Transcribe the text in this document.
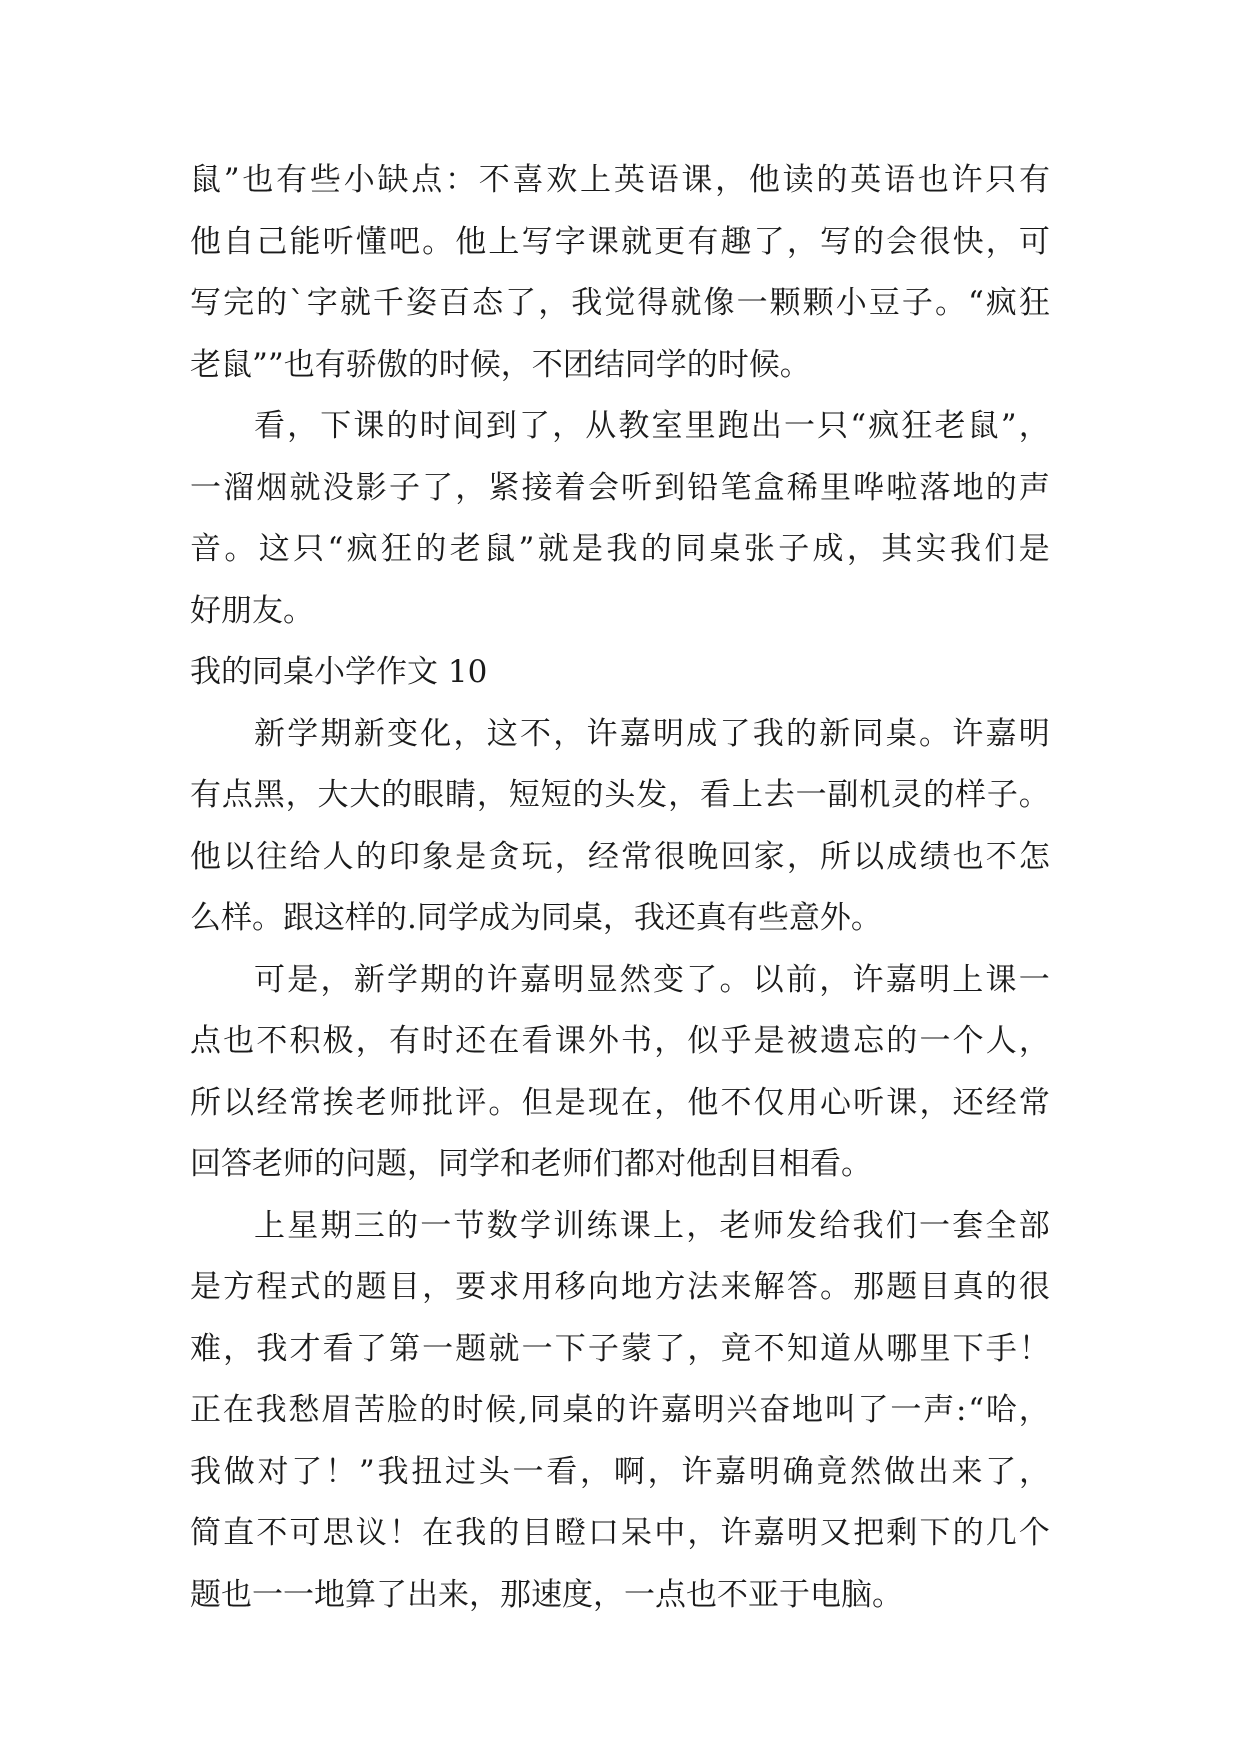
鼠 ” 也 有 些 小 缺 点 ： 不 喜 欢 上 英 语 课 ， 他 读 的 英 语 也 许 只 有
他 自 己 能 听 懂 吧 。 他 上 写 字 课 就 更 有 趣 了 ， 写 的 会 很 快 ， 可
写 完 的 ` 字 就 千 姿 百 态 了 ， 我 觉 得 就 像 一 颗 颗 小 豆 子 。 “ 疯 狂
老鼠””也有骄傲的时候，不团结同学的时候。
看 ， 下 课 的 时 间 到 了 ， 从 教 室 里 跑 出 一 只 “ 疯 狂 老 鼠 ” ，
一 溜 烟 就 没 影 子 了 ， 紧 接 着 会 听 到 铅 笔 盒 稀 里 哗 啦 落 地 的 声
音 。 这 只 “ 疯 狂 的 老 鼠 ” 就 是 我 的 同 桌 张 子 成 ， 其 实 我 们 是
好朋友。
我的同桌小学作文 10
新 学 期 新 变 化 ， 这 不 ， 许 嘉 明 成 了 我 的 新 同 桌 。 许 嘉 明
有 点 黑 ， 大 大 的 眼 睛 ， 短 短 的 头 发 ， 看 上 去 一 副 机 灵 的 样 子 。
他 以 往 给 人 的 印 象 是 贪 玩 ， 经 常 很 晚 回 家 ， 所 以 成 绩 也 不 怎
么样。跟这样的.同学成为同桌，我还真有些意外。
可 是 ， 新 学 期 的 许 嘉 明 显 然 变 了 。 以 前 ， 许 嘉 明 上 课 一
点 也 不 积 极 ， 有 时 还 在 看 课 外 书 ， 似 乎 是 被 遗 忘 的 一 个 人 ，
所 以 经 常 挨 老 师 批 评 。 但 是 现 在 ， 他 不 仅 用 心 听 课 ， 还 经 常
回答老师的问题，同学和老师们都对他刮目相看。
上 星 期 三 的 一 节 数 学 训 练 课 上 ， 老 师 发 给 我 们 一 套 全 部
是 方 程 式 的 题 目 ， 要 求 用 移 向 地 方 法 来 解 答 。 那 题 目 真 的 很
难 ， 我 才 看 了 第 一 题 就 一 下 子 蒙 了 ， 竟 不 知 道 从 哪 里 下 手 ！
正 在 我 愁 眉 苦 脸 的 时 候 , 同 桌 的 许 嘉 明 兴 奋 地 叫 了 一 声 : “ 哈 ，
我 做 对 了 ！ ” 我 扭 过 头 一 看 ， 啊 ， 许 嘉 明 确 竟 然 做 出 来 了 ，
简 直 不 可 思 议 ！ 在 我 的 目 瞪 口 呆 中 ， 许 嘉 明 又 把 剩 下 的 几 个
题也一一地算了出来，那速度，一点也不亚于电脑。
